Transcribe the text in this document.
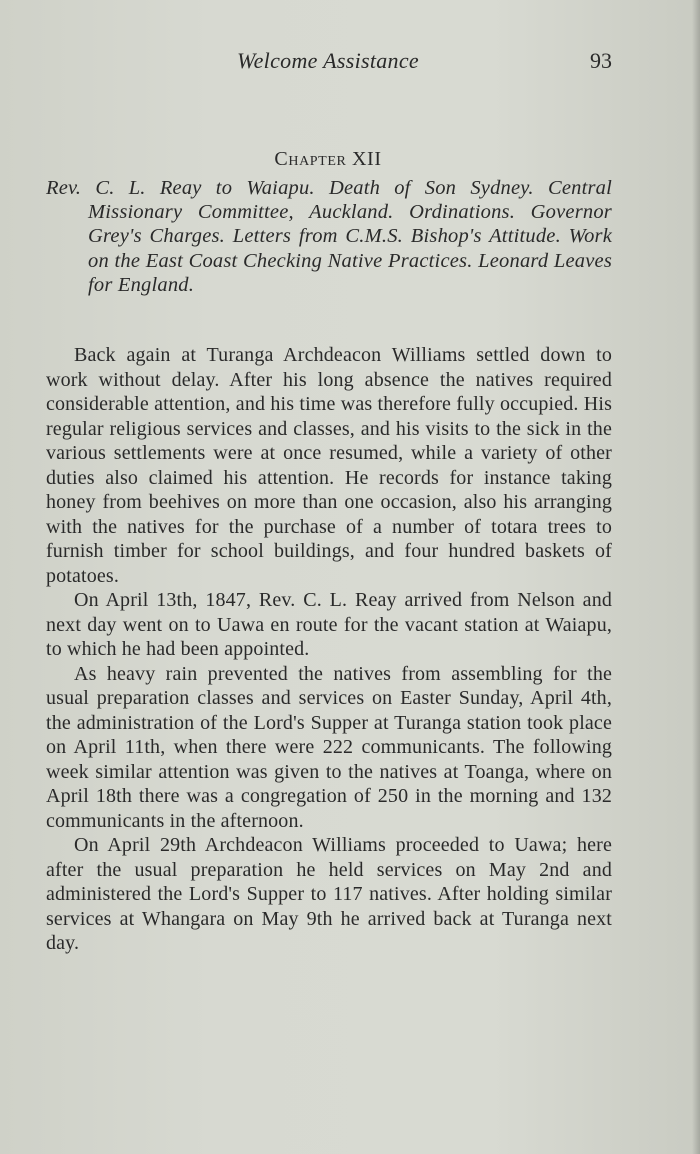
Welcome Assistance	93
Chapter XII
Rev. C. L. Reay to Waiapu. Death of Son Sydney. Central Missionary Committee, Auckland. Ordinations. Governor Grey's Charges. Letters from C.M.S. Bishop's Attitude. Work on the East Coast Checking Native Practices. Leonard Leaves for England.

Back again at Turanga Archdeacon Williams settled down to work without delay. After his long absence the natives required considerable attention, and his time was therefore fully occupied. His regular religious services and classes, and his visits to the sick in the various settlements were at once resumed, while a variety of other duties also claimed his attention. He records for instance taking honey from beehives on more than one occasion, also his arranging with the natives for the purchase of a number of totara trees to furnish timber for school buildings, and four hundred baskets of potatoes.

On April 13th, 1847, Rev. C. L. Reay arrived from Nelson and next day went on to Uawa en route for the vacant station at Waiapu, to which he had been appointed.

As heavy rain prevented the natives from assembling for the usual preparation classes and services on Easter Sunday, April 4th, the administration of the Lord's Supper at Turanga station took place on April 11th, when there were 222 communicants. The following week similar attention was given to the natives at Toanga, where on April 18th there was a congregation of 250 in the morning and 132 communicants in the afternoon.

On April 29th Archdeacon Williams proceeded to Uawa; here after the usual preparation he held services on May 2nd and administered the Lord's Supper to 117 natives. After holding similar services at Whangara on May 9th he arrived back at Turanga next day.
